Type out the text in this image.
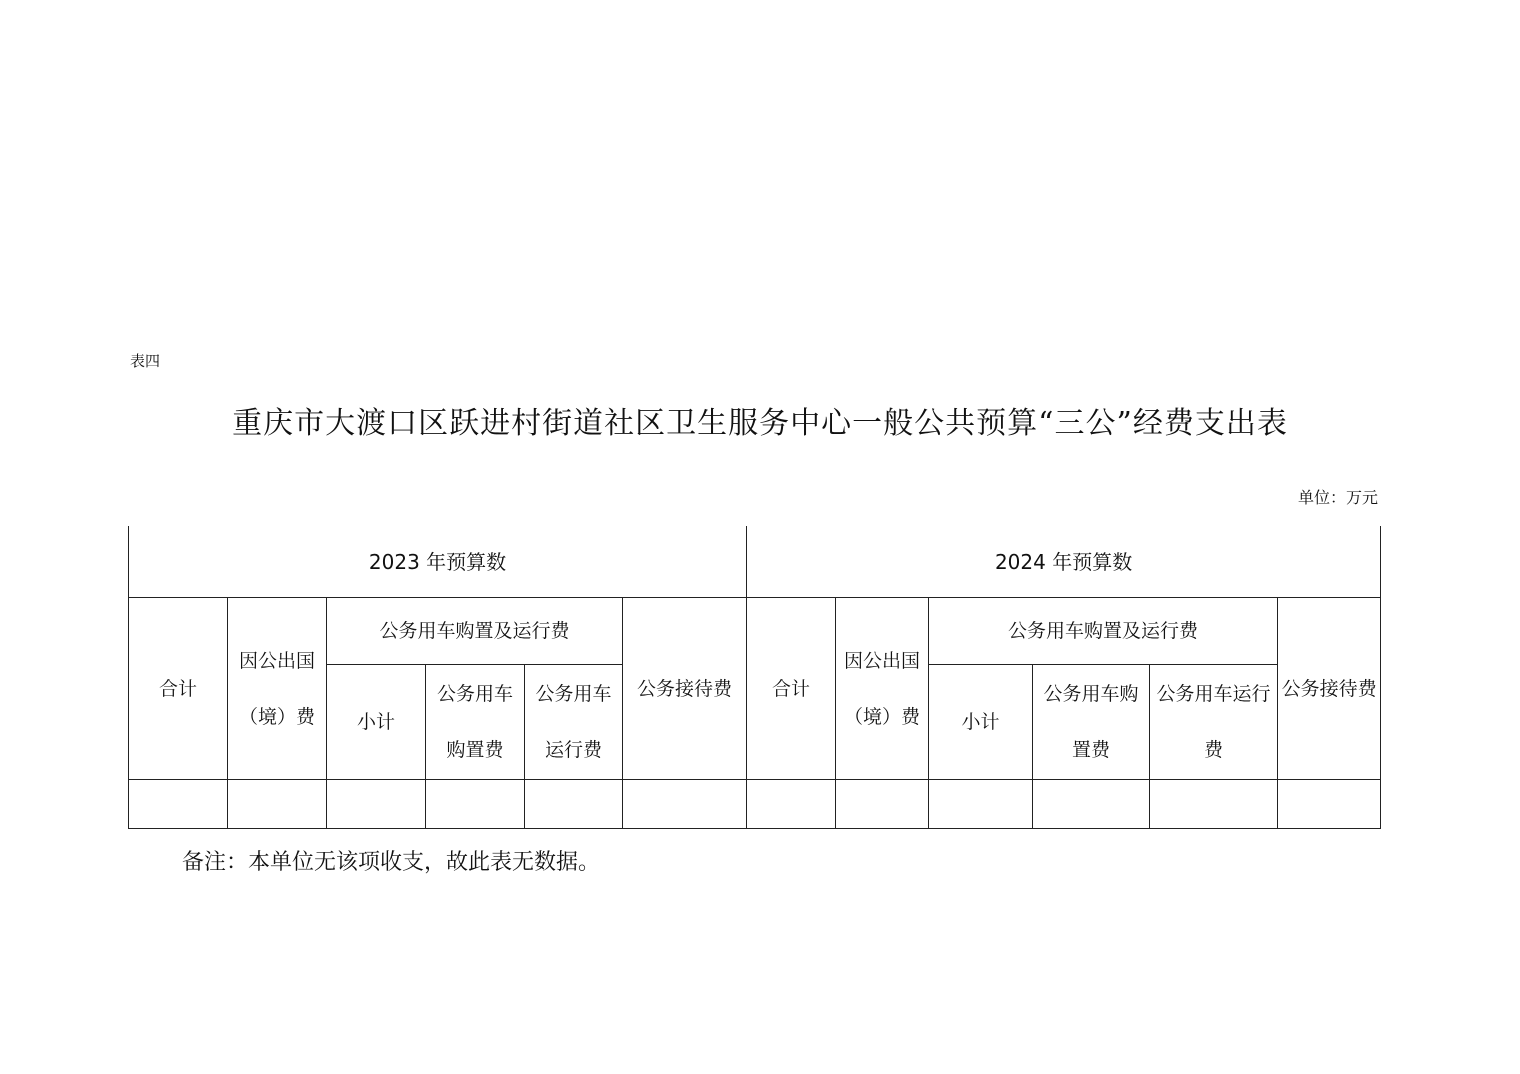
表四
重庆市大渡口区跃进村街道社区卫生服务中心一般公共预算“三公”经费支出表
单位：万元
2023 年预算数						2024 年预算数					
合计	因公出国（境）费	公务用车购置及运行费			公务接待费	合计	因公出国（境）费	公务用车购置及运行费			公务接待费
		小计	公务用车购置费	公务用车运行费				小计	公务用车购置费	公务用车运行费	

备注：本单位无该项收支，故此表无数据。
